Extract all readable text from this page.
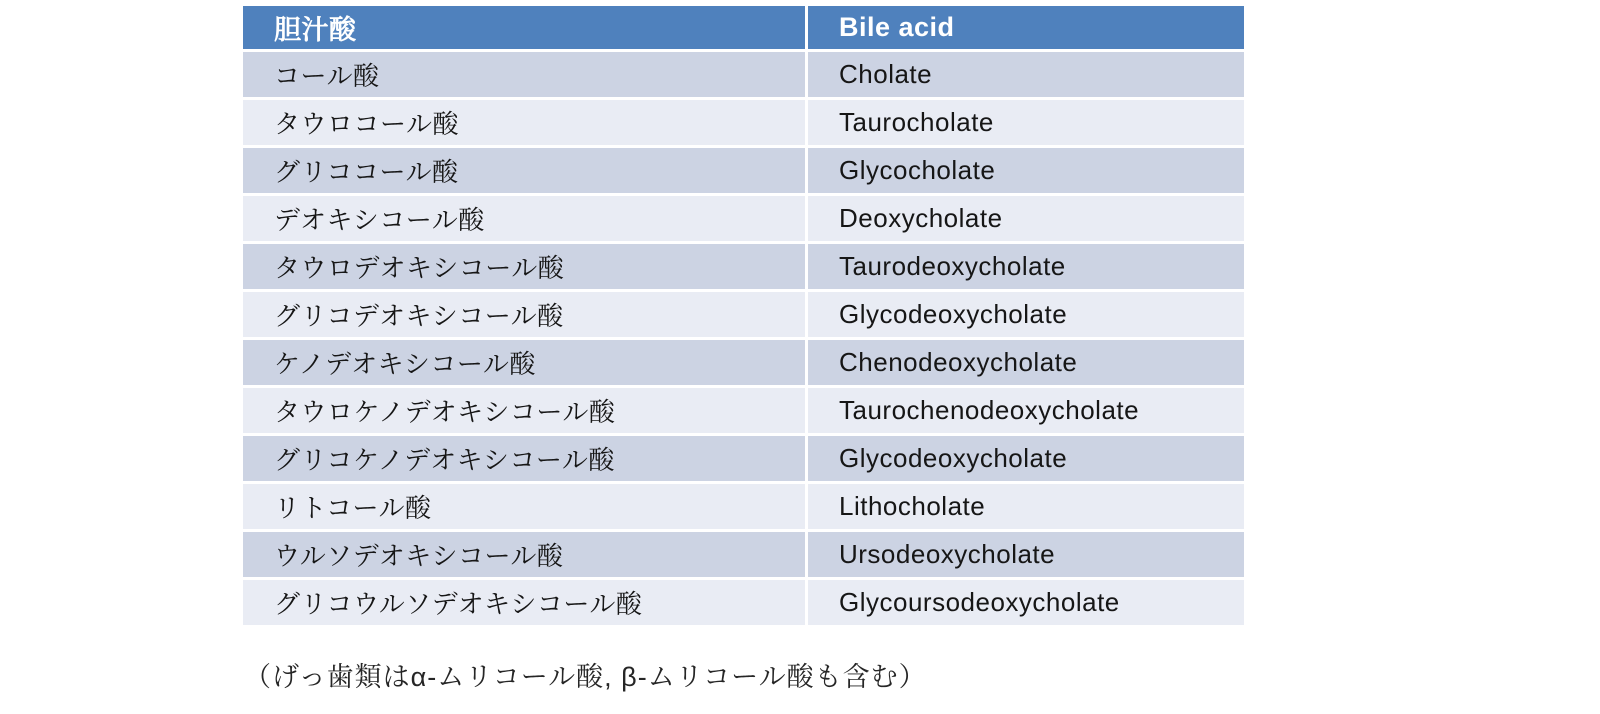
胆汁酸	Bile acid
コール酸	Cholate
タウロコール酸	Taurocholate
グリココール酸	Glycocholate
デオキシコール酸	Deoxycholate
タウロデオキシコール酸	Taurodeoxycholate
グリコデオキシコール酸	Glycodeoxycholate
ケノデオキシコール酸	Chenodeoxycholate
タウロケノデオキシコール酸	Taurochenodeoxycholate
グリコケノデオキシコール酸	Glycodeoxycholate
リトコール酸	Lithocholate
ウルソデオキシコール酸	Ursodeoxycholate
グリコウルソデオキシコール酸	Glycoursodeoxycholate
（げっ歯類はα-ムリコール酸, β-ムリコール酸も含む）
